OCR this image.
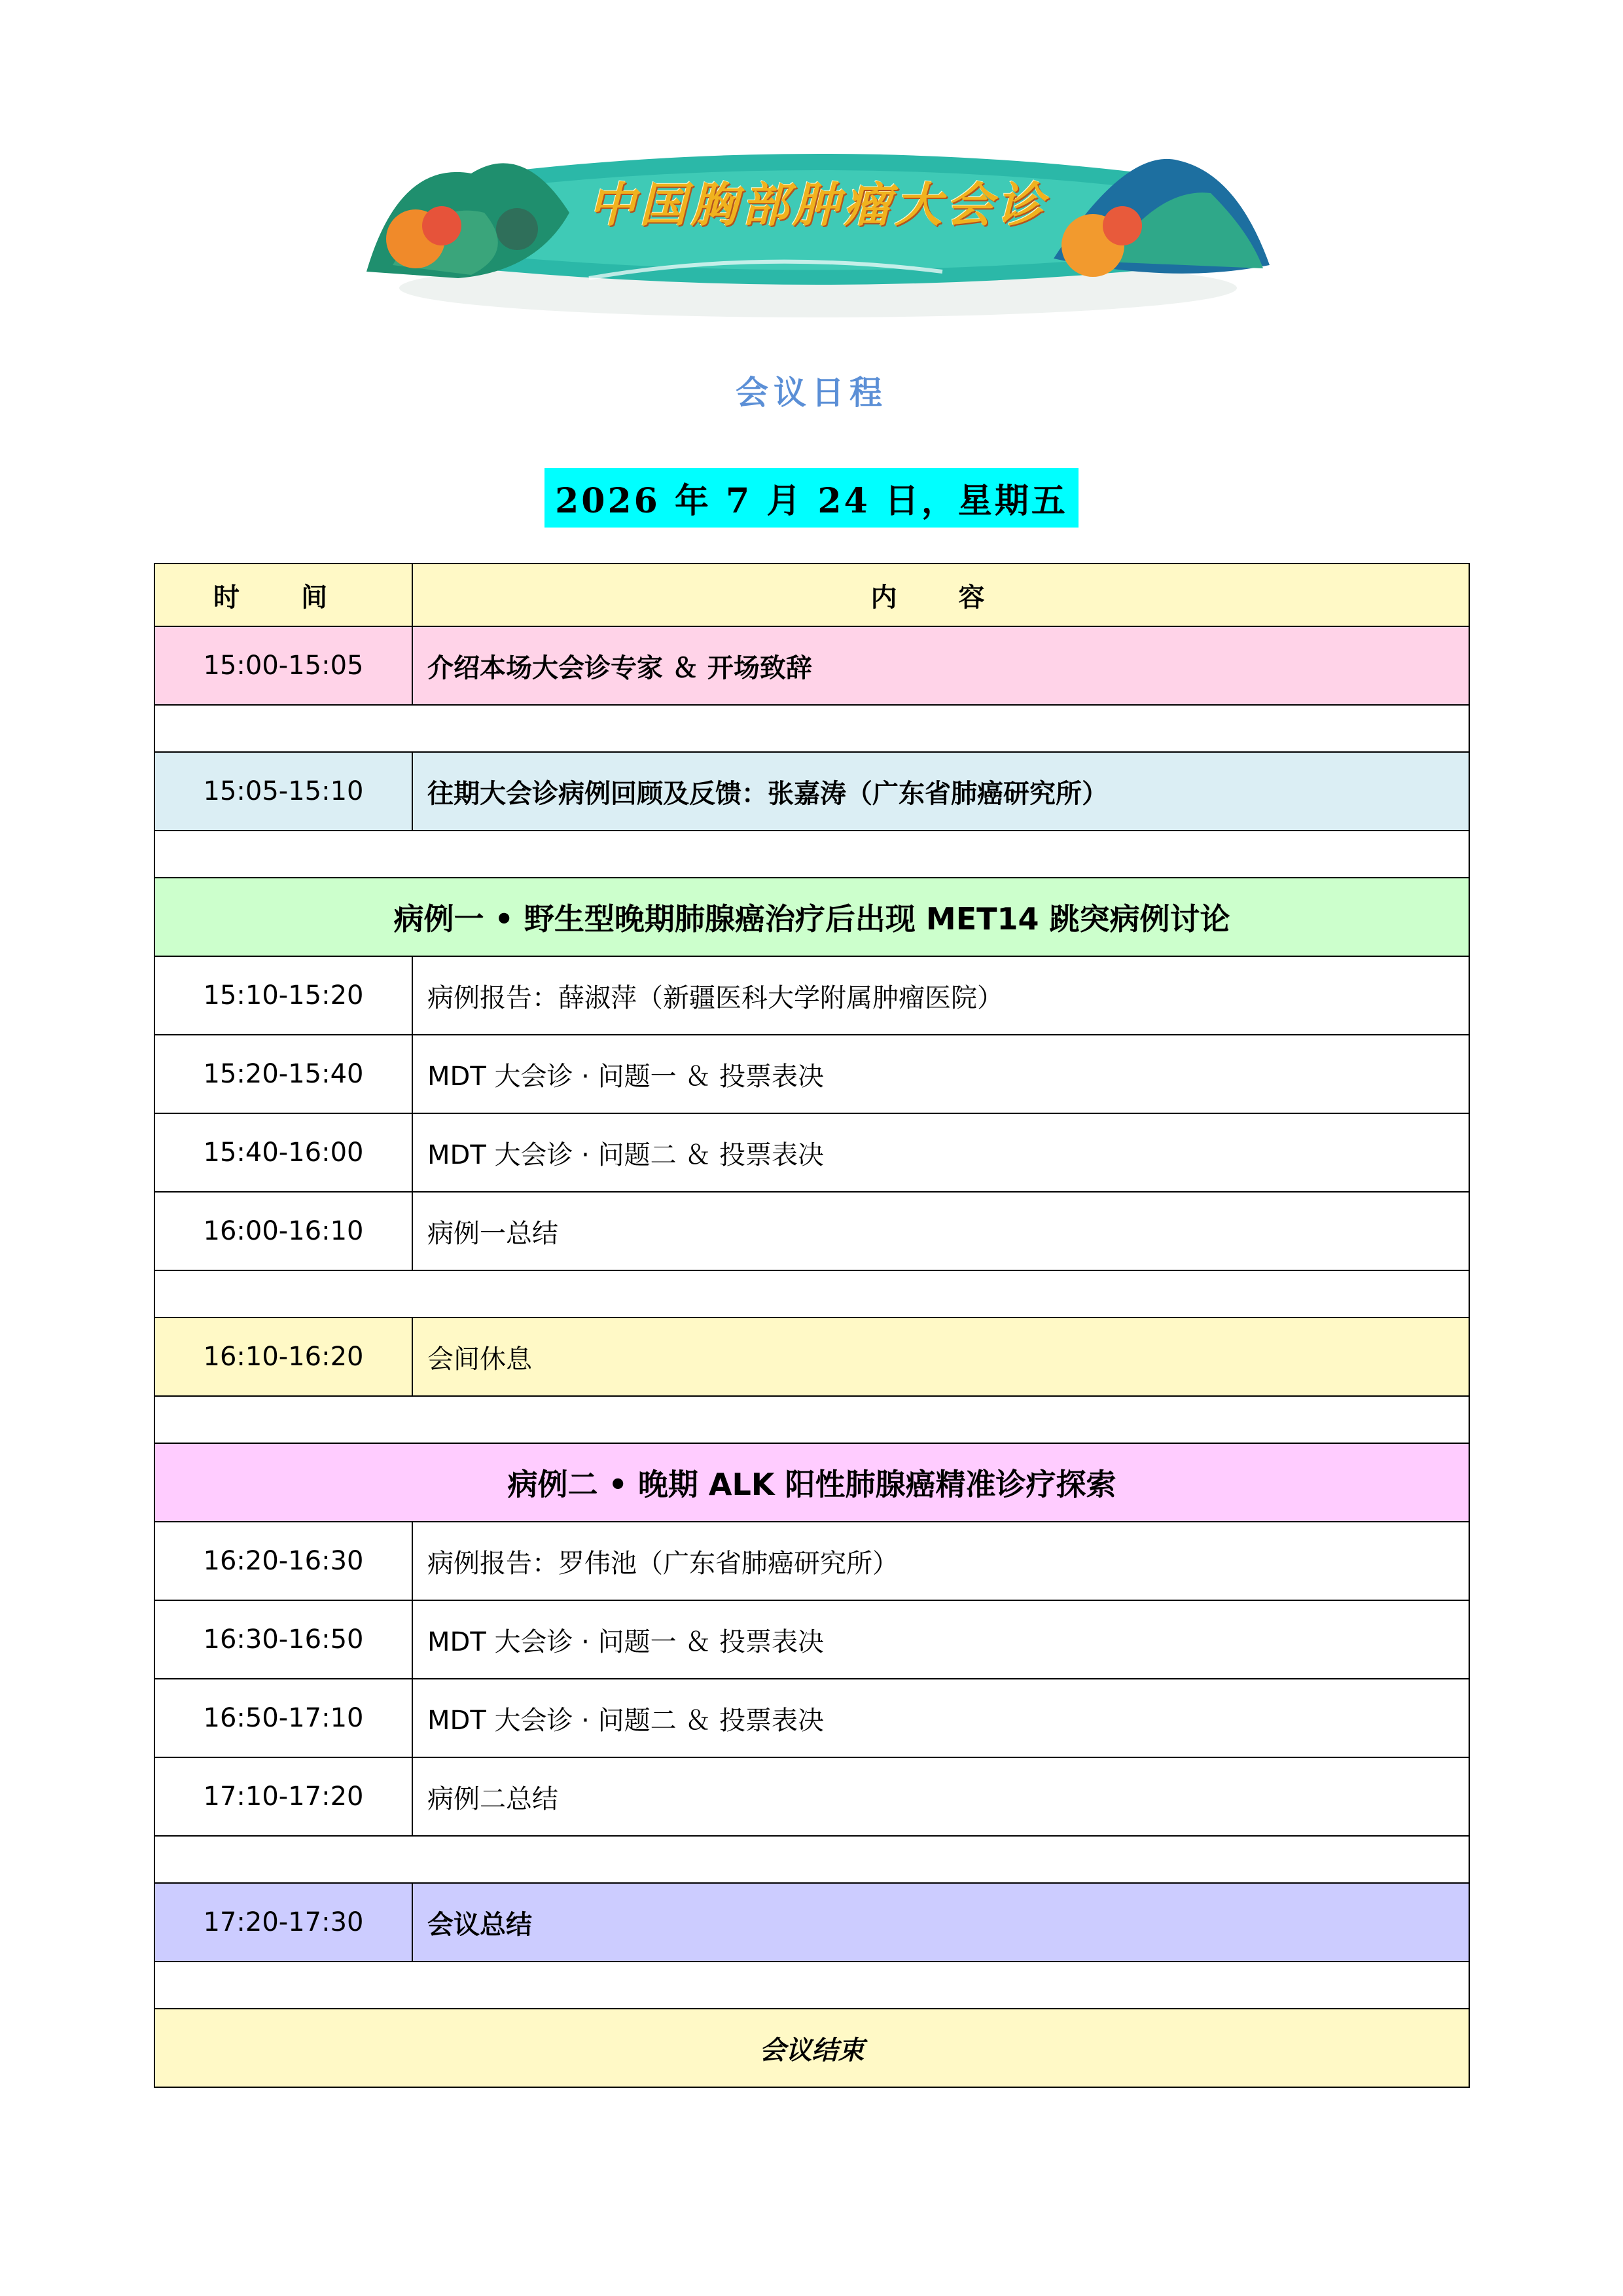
中国胸部肿瘤大会诊
会议日程
2026 年 7 月 24 日，星期五
时 间	内 容
15:00-15:05	介绍本场大会诊专家 ＆ 开场致辞

15:05-15:10	往期大会诊病例回顾及反馈：张嘉涛（广东省肺癌研究所）

病例一 • 野生型晚期肺腺癌治疗后出现 MET14 跳突病例讨论	
15:10-15:20	病例报告：薛淑萍（新疆医科大学附属肿瘤医院）
15:20-15:40	MDT 大会诊 · 问题一 ＆ 投票表决
15:40-16:00	MDT 大会诊 · 问题二 ＆ 投票表决
16:00-16:10	病例一总结

16:10-16:20	会间休息

病例二 • 晚期 ALK 阳性肺腺癌精准诊疗探索	
16:20-16:30	病例报告：罗伟池（广东省肺癌研究所）
16:30-16:50	MDT 大会诊 · 问题一 ＆ 投票表决
16:50-17:10	MDT 大会诊 · 问题二 ＆ 投票表决
17:10-17:20	病例二总结

17:20-17:30	会议总结

会议结束	
